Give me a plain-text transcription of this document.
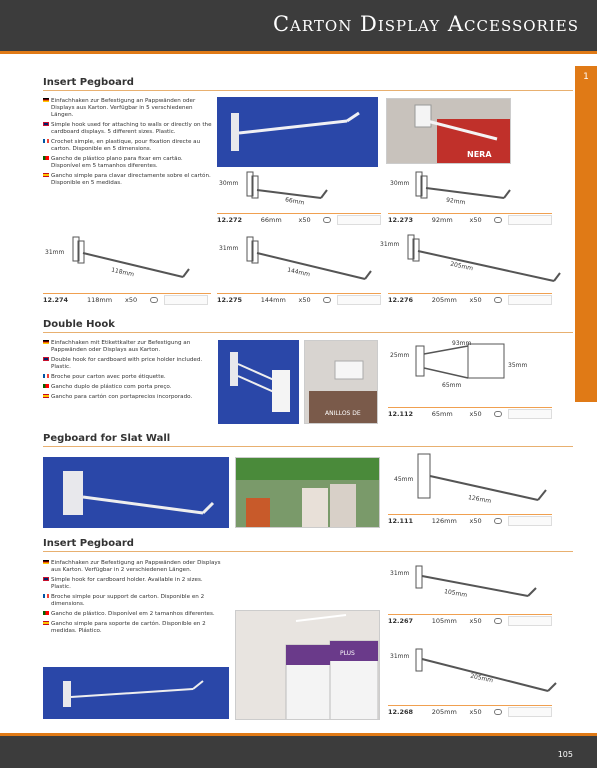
Carton Display Accessories
1
Insert Pegboard
Einfachhaken zur Befestigung an Pappwänden oder Displays aus Karton. Verfügbar in 5 verschiedenen Längen.
Simple hook used for attaching to walls or directly on the cardboard displays. 5 different sizes. Plastic.
Crochet simple, en plastique, pour fixation directe au carton. Disponible en 5 dimensions.
Gancho de plástico plano para fixar em cartão. Disponível em 5 tamanhos diferentes.
Gancho simple para clavar directamente sobre el cartón. Disponible en 5 medidas.
NERA
30mm
66mm
12.272	66mm	x50
30mm
92mm
12.273	92mm	x50
31mm
118mm
12.274	118mm	x50
31mm
144mm
12.275	144mm	x50
31mm
205mm
12.276	205mm	x50
Double Hook
Einfachhaken mit Etikettkalter zur Befestigung an Pappwänden oder Displays aus Karton.
Double hook for cardboard with price holder included. Plastic.
Broche pour carton avec porte étiquette.
Gancho duplo de plástico com porta preço.
Gancho para cartón con portaprecios incorporado.
ANILLOS DE
25mm
93mm
35mm
65mm
12.112	65mm	x50
Pegboard for Slat Wall
45mm
126mm
12.111	126mm	x50
Insert Pegboard
Einfachhaken zur Befestigung an Pappwänden oder Displays aus Karton. Verfügbar in 2 verschiedenen Längen.
Simple hook for cardboard holder. Available in 2 sizes. Plastic.
Broche simple pour support de carton. Disponible en 2 dimensions.
Gancho de plástico. Disponível em 2 tamanhos diferentes.
Gancho simple para soporte de cartón. Disponible en 2 medidas. Plástico.
PLUS
31mm
105mm
12.267	105mm	x50
31mm
205mm
12.268	205mm	x50
105
